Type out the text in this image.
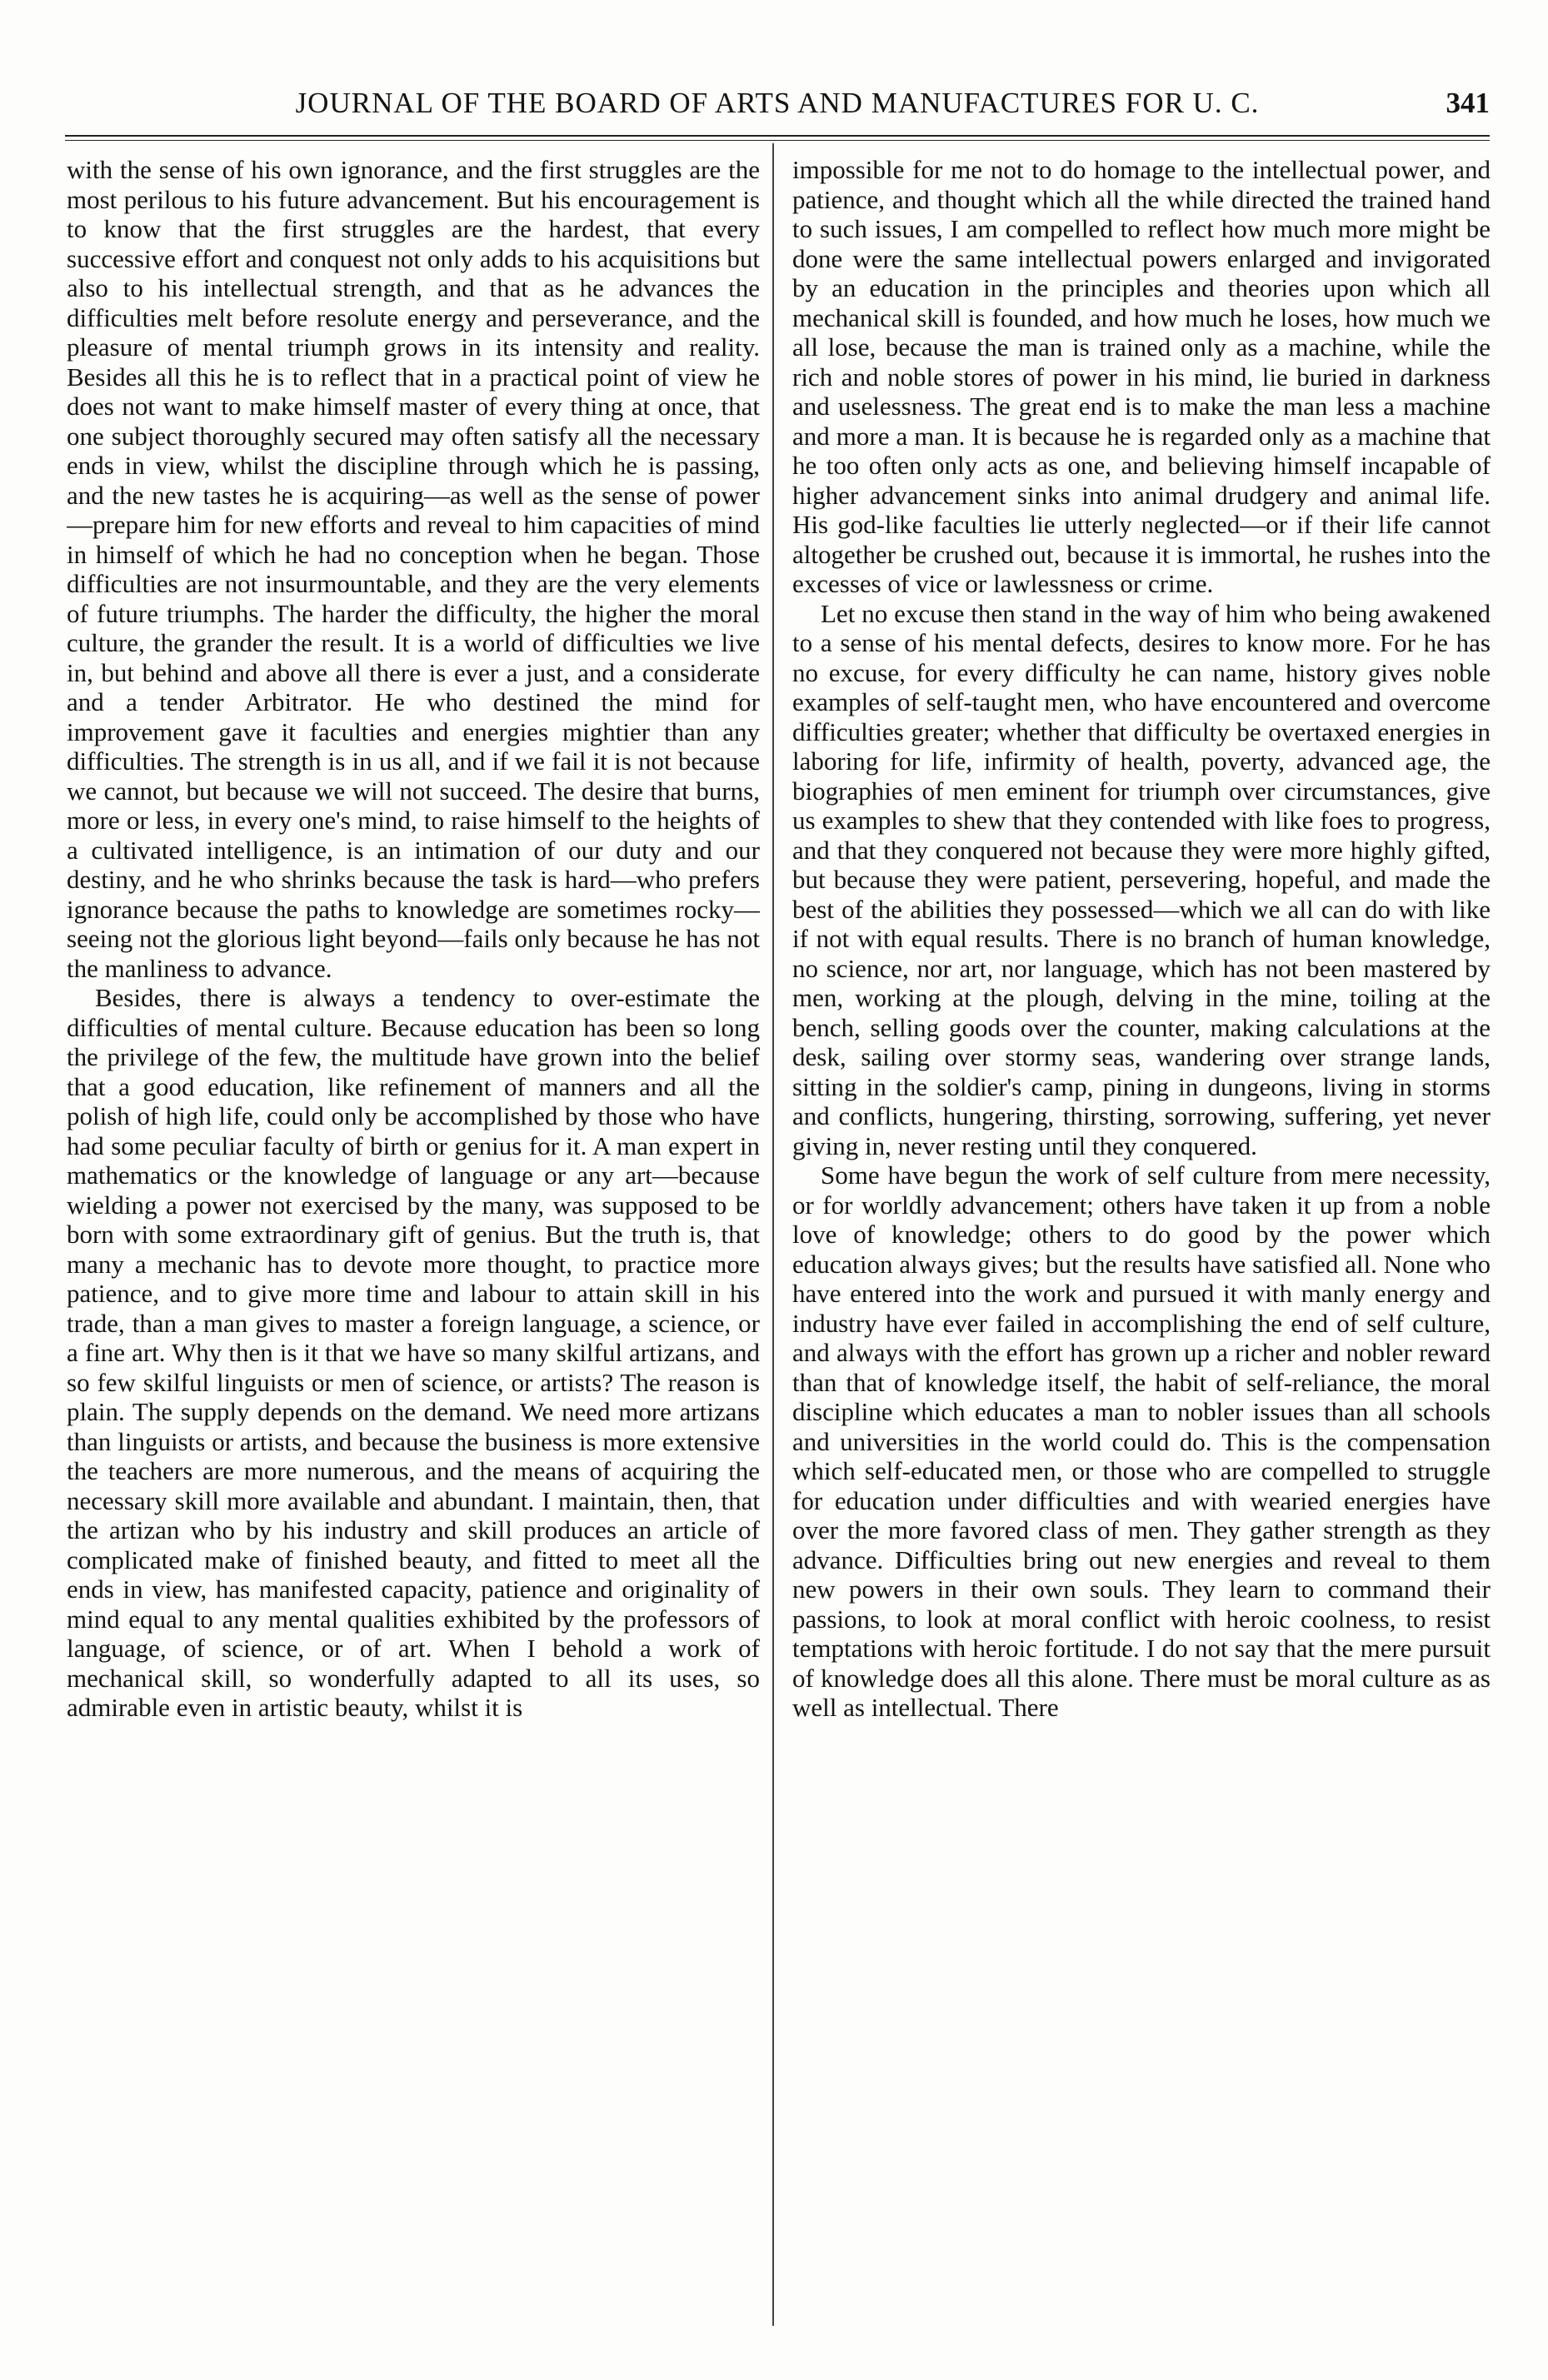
JOURNAL OF THE BOARD OF ARTS AND MANUFACTURES FOR U. C.	341

with the sense of his own ignorance, and the first struggles are the most perilous to his future advancement. But his encouragement is to know that the first struggles are the hardest, that every successive effort and conquest not only adds to his acquisitions but also to his intellectual strength, and that as he advances the difficulties melt before resolute energy and perseverance, and the pleasure of mental triumph grows in its intensity and reality. Besides all this he is to reflect that in a practical point of view he does not want to make himself master of every thing at once, that one subject thoroughly secured may often satisfy all the necessary ends in view, whilst the discipline through which he is passing, and the new tastes he is acquiring—as well as the sense of power—prepare him for new efforts and reveal to him capacities of mind in himself of which he had no conception when he began. Those difficulties are not insurmountable, and they are the very elements of future triumphs. The harder the difficulty, the higher the moral culture, the grander the result. It is a world of difficulties we live in, but behind and above all there is ever a just, and a considerate and a tender Arbitrator. He who destined the mind for improvement gave it faculties and energies mightier than any difficulties. The strength is in us all, and if we fail it is not because we cannot, but because we will not succeed. The desire that burns, more or less, in every one's mind, to raise himself to the heights of a cultivated intelligence, is an intimation of our duty and our destiny, and he who shrinks because the task is hard—who prefers ignorance because the paths to knowledge are sometimes rocky—seeing not the glorious light beyond—fails only because he has not the manliness to advance.

Besides, there is always a tendency to over-estimate the difficulties of mental culture. Because education has been so long the privilege of the few, the multitude have grown into the belief that a good education, like refinement of manners and all the polish of high life, could only be accomplished by those who have had some peculiar faculty of birth or genius for it. A man expert in mathematics or the knowledge of language or any art—because wielding a power not exercised by the many, was supposed to be born with some extraordinary gift of genius. But the truth is, that many a mechanic has to devote more thought, to practice more patience, and to give more time and labour to attain skill in his trade, than a man gives to master a foreign language, a science, or a fine art. Why then is it that we have so many skilful artizans, and so few skilful linguists or men of science, or artists? The reason is plain. The supply depends on the demand. We need more artizans than linguists or artists, and because the business is more extensive the teachers are more numerous, and the means of acquiring the necessary skill more available and abundant. I maintain, then, that the artizan who by his industry and skill produces an article of complicated make of finished beauty, and fitted to meet all the ends in view, has manifested capacity, patience and originality of mind equal to any mental qualities exhibited by the professors of language, of science, or of art. When I behold a work of mechanical skill, so wonderfully adapted to all its uses, so admirable even in artistic beauty, whilst it is

impossible for me not to do homage to the intellectual power, and patience, and thought which all the while directed the trained hand to such issues, I am compelled to reflect how much more might be done were the same intellectual powers enlarged and invigorated by an education in the principles and theories upon which all mechanical skill is founded, and how much he loses, how much we all lose, because the man is trained only as a machine, while the rich and noble stores of power in his mind, lie buried in darkness and uselessness. The great end is to make the man less a machine and more a man. It is because he is regarded only as a machine that he too often only acts as one, and believing himself incapable of higher advancement sinks into animal drudgery and animal life. His god-like faculties lie utterly neglected—or if their life cannot altogether be crushed out, because it is immortal, he rushes into the excesses of vice or lawlessness or crime.

Let no excuse then stand in the way of him who being awakened to a sense of his mental defects, desires to know more. For he has no excuse, for every difficulty he can name, history gives noble examples of self-taught men, who have encountered and overcome difficulties greater; whether that difficulty be overtaxed energies in laboring for life, infirmity of health, poverty, advanced age, the biographies of men eminent for triumph over circumstances, give us examples to shew that they contended with like foes to progress, and that they conquered not because they were more highly gifted, but because they were patient, persevering, hopeful, and made the best of the abilities they possessed—which we all can do with like if not with equal results. There is no branch of human knowledge, no science, nor art, nor language, which has not been mastered by men, working at the plough, delving in the mine, toiling at the bench, selling goods over the counter, making calculations at the desk, sailing over stormy seas, wandering over strange lands, sitting in the soldier's camp, pining in dungeons, living in storms and conflicts, hungering, thirsting, sorrowing, suffering, yet never giving in, never resting until they conquered.

Some have begun the work of self culture from mere necessity, or for worldly advancement; others have taken it up from a noble love of knowledge; others to do good by the power which education always gives; but the results have satisfied all. None who have entered into the work and pursued it with manly energy and industry have ever failed in accomplishing the end of self culture, and always with the effort has grown up a richer and nobler reward than that of knowledge itself, the habit of self-reliance, the moral discipline which educates a man to nobler issues than all schools and universities in the world could do. This is the compensation which self-educated men, or those who are compelled to struggle for education under difficulties and with wearied energies have over the more favored class of men. They gather strength as they advance. Difficulties bring out new energies and reveal to them new powers in their own souls. They learn to command their passions, to look at moral conflict with heroic coolness, to resist temptations with heroic fortitude. I do not say that the mere pursuit of knowledge does all this alone. There must be moral culture as as well as intellectual. There
